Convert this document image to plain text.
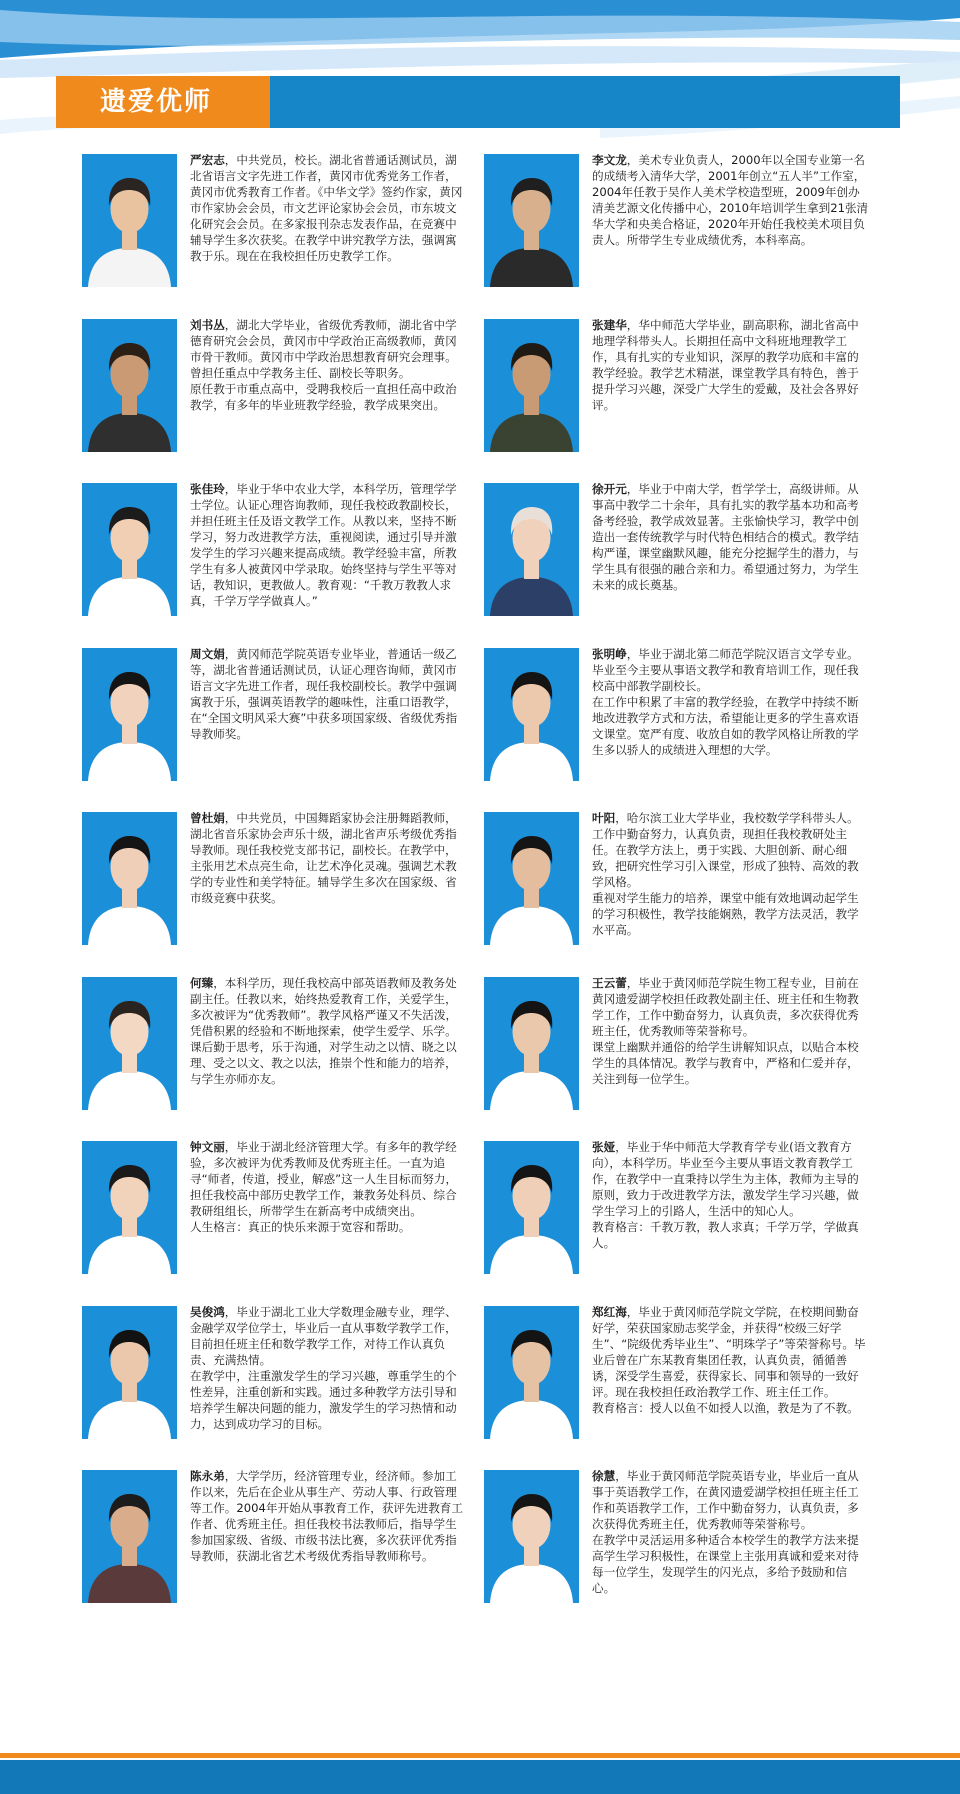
遗爱优师

严宏志，中共党员，校长。湖北省普通话测试员，湖北省语言文字先进工作者，黄冈市优秀党务工作者，黄冈市优秀教育工作者。《中华文学》签约作家，黄冈市作家协会会员，市文艺评论家协会会员，市东坡文化研究会会员。在多家报刊杂志发表作品，在竞赛中辅导学生多次获奖。在教学中讲究教学方法，强调寓教于乐。现在在我校担任历史教学工作。

李文龙，美术专业负责人，2000年以全国专业第一名的成绩考入清华大学，2001年创立“五人半”工作室，2004年任教于吴作人美术学校造型班，2009年创办清美艺源文化传播中心，2010年培训学生拿到21张清华大学和央美合格证，2020年开始任我校美术项目负责人。所带学生专业成绩优秀，本科率高。

刘书丛，湖北大学毕业，省级优秀教师，湖北省中学德育研究会会员，黄冈市中学政治正高级教师，黄冈市骨干教师。黄冈市中学政治思想教育研究会理事。曾担任重点中学教务主任、副校长等职务。

原任教于市重点高中，受聘我校后一直担任高中政治教学，有多年的毕业班教学经验，教学成果突出。

张建华，华中师范大学毕业，副高职称，湖北省高中地理学科带头人。长期担任高中文科班地理教学工作，具有扎实的专业知识，深厚的教学功底和丰富的教学经验。教学艺术精湛，课堂教学具有特色，善于提升学习兴趣，深受广大学生的爱戴，及社会各界好评。

张佳玲，毕业于华中农业大学，本科学历，管理学学士学位。认证心理咨询教师，现任我校政教副校长，并担任班主任及语文教学工作。从教以来，坚持不断学习，努力改进教学方法，重视阅读，通过引导并激发学生的学习兴趣来提高成绩。教学经验丰富，所教学生有多人被黄冈中学录取。始终坚持与学生平等对话，教知识，更教做人。教育观：“千教万教教人求真，千学万学学做真人。”

徐开元，毕业于中南大学，哲学学士，高级讲师。从事高中教学二十余年，具有扎实的教学基本功和高考备考经验，教学成效显著。主张愉快学习，教学中创造出一套传统教学与时代特色相结合的模式。教学结构严谨，课堂幽默风趣，能充分挖掘学生的潜力，与学生具有很强的融合亲和力。希望通过努力，为学生未来的成长奠基。

周文娟，黄冈师范学院英语专业毕业，普通话一级乙等，湖北省普通话测试员，认证心理咨询师，黄冈市语言文字先进工作者，现任我校副校长。教学中强调寓教于乐，强调英语教学的趣味性，注重口语教学，在“全国文明风采大赛”中获多项国家级、省级优秀指导教师奖。

张明峥，毕业于湖北第二师范学院汉语言文学专业。毕业至今主要从事语文教学和教育培训工作，现任我校高中部教学副校长。

在工作中积累了丰富的教学经验，在教学中持续不断地改进教学方式和方法，希望能让更多的学生喜欢语文课堂。宽严有度、收放自如的教学风格让所教的学生多以骄人的成绩进入理想的大学。

曾杜娟，中共党员，中国舞蹈家协会注册舞蹈教师，湖北省音乐家协会声乐十级，湖北省声乐考级优秀指导教师。现任我校党支部书记，副校长。在教学中，主张用艺术点亮生命，让艺术净化灵魂。强调艺术教学的专业性和美学特征。辅导学生多次在国家级、省市级竞赛中获奖。

叶阳，哈尔滨工业大学毕业，我校数学学科带头人。工作中勤奋努力，认真负责，现担任我校教研处主任。在教学方法上，勇于实践、大胆创新、耐心细致，把研究性学习引入课堂，形成了独特、高效的教学风格。

重视对学生能力的培养，课堂中能有效地调动起学生的学习积极性，教学技能娴熟，教学方法灵活，教学水平高。

何臻，本科学历，现任我校高中部英语教师及教务处副主任。任教以来，始终热爱教育工作，关爱学生，多次被评为“优秀教师”。教学风格严谨又不失活泼，凭借积累的经验和不断地探索，使学生爱学、乐学。课后勤于思考，乐于沟通，对学生动之以情、晓之以理、受之以文、教之以法，推崇个性和能力的培养，与学生亦师亦友。

王云蕾，毕业于黄冈师范学院生物工程专业，目前在黄冈遗爱湖学校担任政教处副主任、班主任和生物教学工作，工作中勤奋努力，认真负责，多次获得优秀班主任，优秀教师等荣誉称号。

课堂上幽默并通俗的给学生讲解知识点，以贴合本校学生的具体情况。教学与教育中，严格和仁爱并存，关注到每一位学生。

钟文丽，毕业于湖北经济管理大学。有多年的教学经验，多次被评为优秀教师及优秀班主任。一直为追寻“师者，传道，授业，解惑”这一人生目标而努力，担任我校高中部历史教学工作，兼教务处科员、综合教研组组长，所带学生在新高考中成绩突出。

人生格言：真正的快乐来源于宽容和帮助。

张娅，毕业于华中师范大学教育学专业(语文教育方向），本科学历。毕业至今主要从事语文教育教学工作，在教学中一直秉持以学生为主体，教师为主导的原则，致力于改进教学方法，激发学生学习兴趣，做学生学习上的引路人，生活中的知心人。

教育格言：千教万教，教人求真；千学万学，学做真人。

吴俊鸿，毕业于湖北工业大学数理金融专业，理学、金融学双学位学士，毕业后一直从事数学教学工作，目前担任班主任和数学教学工作，对待工作认真负责、充满热情。

在教学中，注重激发学生的学习兴趣，尊重学生的个性差异，注重创新和实践。通过多种教学方法引导和培养学生解决问题的能力，激发学生的学习热情和动力，达到成功学习的目标。

郑红海，毕业于黄冈师范学院文学院，在校期间勤奋好学，荣获国家励志奖学金，并获得“校级三好学生”、“院级优秀毕业生”、“明珠学子”等荣誉称号。毕业后曾在广东某教育集团任教，认真负责，循循善诱，深受学生喜爱，获得家长、同事和领导的一致好评。现在我校担任政治教学工作、班主任工作。

教育格言：授人以鱼不如授人以渔，教是为了不教。

陈永弟，大学学历，经济管理专业，经济师。参加工作以来，先后在企业从事生产、劳动人事、行政管理等工作。2004年开始从事教育工作，获评先进教育工作者、优秀班主任。担任我校书法教师后，指导学生参加国家级、省级、市级书法比赛，多次获评优秀指导教师，获湖北省艺术考级优秀指导教师称号。

徐慧，毕业于黄冈师范学院英语专业，毕业后一直从事于英语教学工作，在黄冈遗爱湖学校担任班主任工作和英语教学工作，工作中勤奋努力，认真负责，多次获得优秀班主任，优秀教师等荣誉称号。

在教学中灵活运用多种适合本校学生的教学方法来提高学生学习积极性，在课堂上主张用真诚和爱来对待每一位学生，发现学生的闪光点，多给予鼓励和信心。
